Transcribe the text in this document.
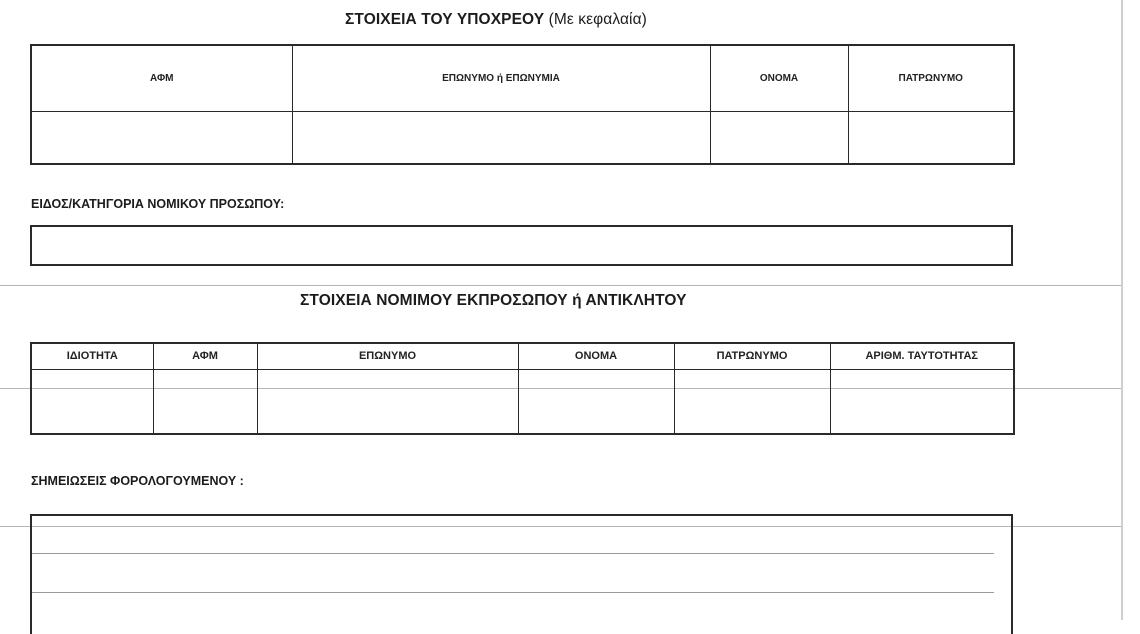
ΣΤΟΙΧΕΙΑ ΤΟΥ ΥΠΟΧΡΕΟΥ (Με κεφαλαία)
ΑΦΜ	ΕΠΩΝΥΜΟ ή ΕΠΩΝΥΜΙΑ	ΟΝΟΜΑ	ΠΑΤΡΩΝΥΜΟ

ΕΙΔΟΣ/ΚΑΤΗΓΟΡΙΑ ΝΟΜΙΚΟΥ ΠΡΟΣΩΠΟΥ:
ΣΤΟΙΧΕΙΑ ΝΟΜΙΜΟΥ ΕΚΠΡΟΣΩΠΟΥ ή ΑΝΤΙΚΛΗΤΟΥ
ΙΔΙΟΤΗΤΑ	ΑΦΜ	ΕΠΩΝΥΜΟ	ΟΝΟΜΑ	ΠΑΤΡΩΝΥΜΟ	ΑΡΙΘΜ. ΤΑΥΤΟΤΗΤΑΣ

ΣΗΜΕΙΩΣΕΙΣ ΦΟΡΟΛΟΓΟΥΜΕΝΟΥ :
